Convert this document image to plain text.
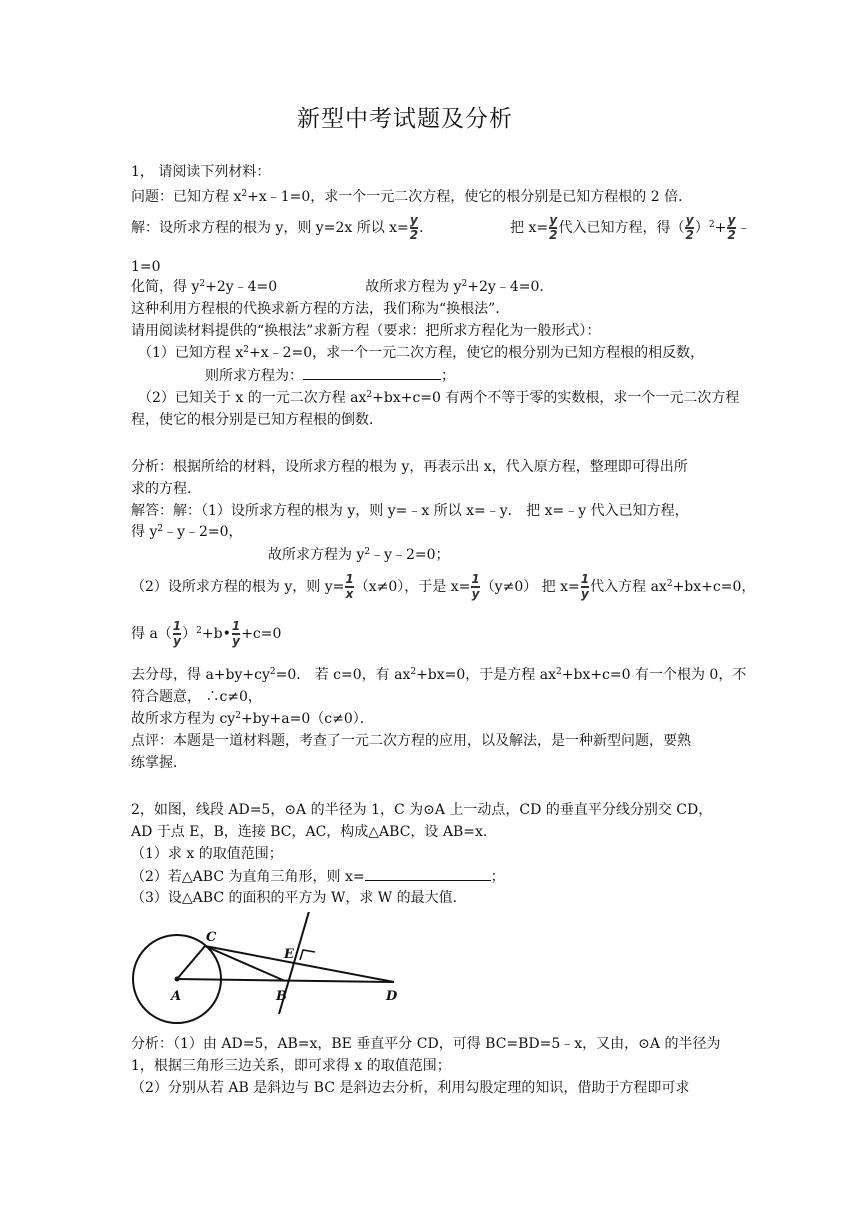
新型中考试题及分析
1， 请阅读下列材料：
问题：已知方程 $x^2+x﹣1=0$，求一个一元二次方程，使它的根分别是已知方程根的 2 倍．
解：设所求方程的根为 y，则 y=2x 所以 $x= \frac{y}{2}$ ．	把 $x= \frac{y}{2}$ 代入已知方程，得（ $\frac{y}{2} )^2+ \frac{y}{2}$ ﹣
1=0
化简，得 $y^2+2y﹣4=0$	故所求方程为 $y^2+2y﹣4=0$．
这种利用方程根的代换求新方程的方法，我们称为“换根法”．
请用阅读材料提供的“换根法”求新方程（要求：把所求方程化为一般形式）：
（1）已知方程 $x^2+x﹣2=0$，求一个一元二次方程，使它的根分别为已知方程根的相反数，
则所求方程为：	；
（2）已知关于 x 的一元二次方程 $ax^2+bx+c=0$ 有两个不等于零的实数根，求一个一元二次方程
程，使它的根分别是已知方程根的倒数．
分析：根据所给的材料，设所求方程的根为 y，再表示出 x，代入原方程，整理即可得出所
求的方程．
解答：解：（1）设所求方程的根为 y，则 y=﹣x 所以 x=﹣y． 把 x=﹣y 代入已知方程，
得 $y^2﹣y﹣2=0$，
故所求方程为 $y^2﹣y﹣2=0$；
（2）设所求方程的根为 y，则 $y= \frac{1}{x} (x\ne 0)$，于是 $x= \frac{1}{y} (y\ne 0)$ 把 $x= \frac{1}{y}$ 代入方程 $ax^2+bx+c=0$，
得 $a( \frac{1}{y}$ ）$^2+b• \frac{1}{y} +c=0$
去分母，得 $a+by+cy^2=0$． 若 c=0，有 $ax^2+bx=0$，于是方程 $ax^2+bx+c=0$ 有一个根为 0，不
符合题意， ∴c≠0，
故所求方程为 $cy^2+by+a=0(c\ne 0)$．
点评：本题是一道材料题，考查了一元二次方程的应用，以及解法，是一种新型问题，要熟
练掌握．
2，如图，线段 AD=5，⊙A 的半径为 1，C 为⊙A 上一动点，CD 的垂直平分线分别交 CD，
AD 于点 E，B，连接 BC，AC，构成△ABC，设 AB=x．
（1）求 x 的取值范围；
（2）若△ABC 为直角三角形，则 x=	；
（3）设△ABC 的面积的平方为 W，求 W 的最大值．
A
C
E
B	D
分析：（1）由 AD=5，AB=x，BE 垂直平分 CD，可得 BC=BD=5﹣x，又由，⊙A 的半径为
1，根据三角形三边关系，即可求得 x 的取值范围；
（2）分别从若 AB 是斜边与 BC 是斜边去分析，利用勾股定理的知识，借助于方程即可求
